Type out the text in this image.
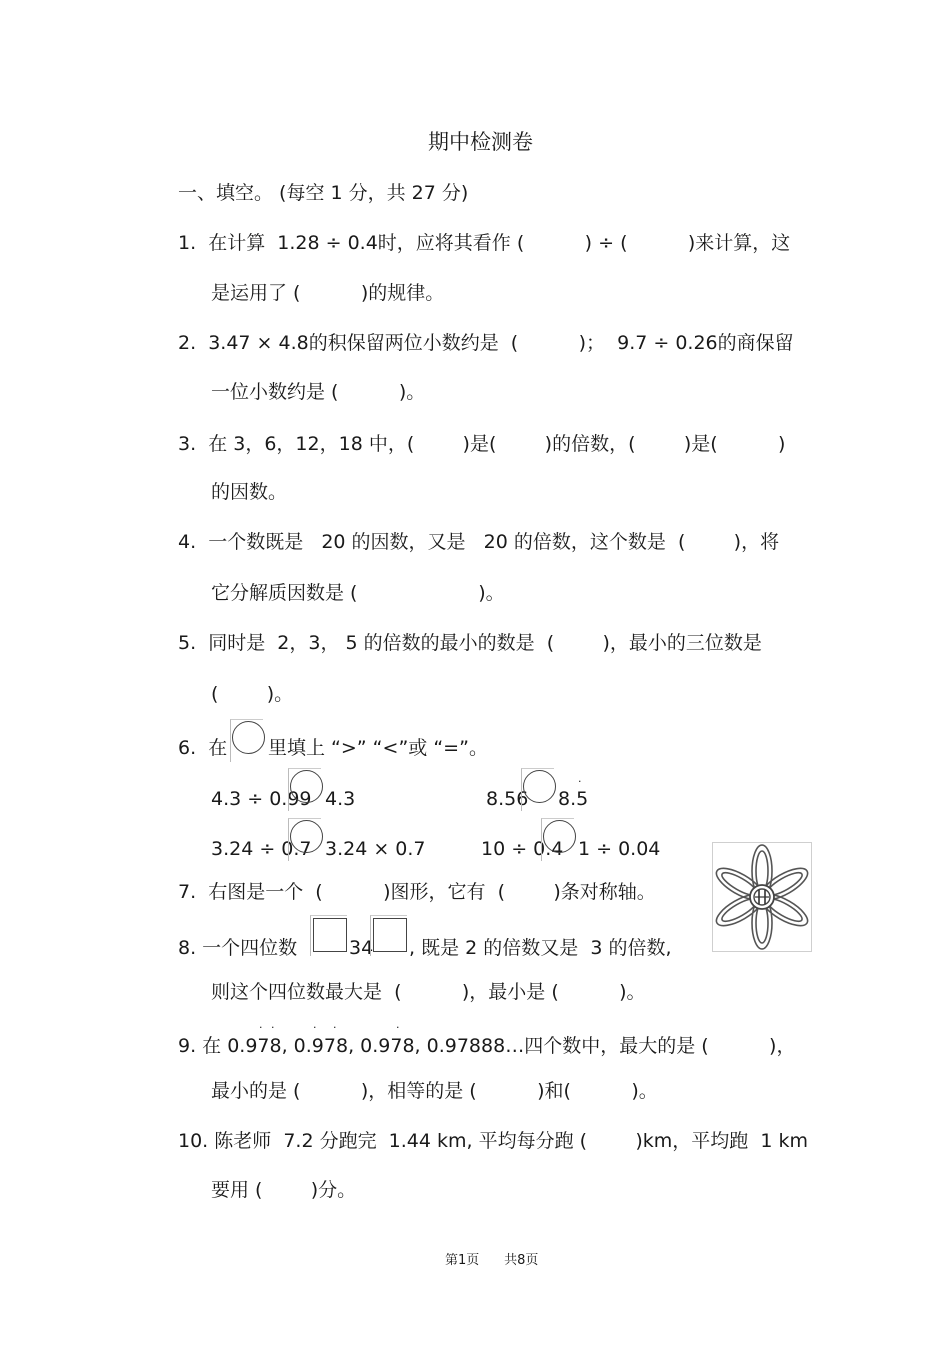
期中检测卷
一、填空。 (每空 1 分，共 27 分)
1.  在计算  1.28 ÷ 0.4时，应将其看作 (          ) ÷ (          )来计算，这
是运用了 (          )的规律。
2.  3.47 × 4.8的积保留两位小数约是  (          )；  9.7 ÷ 0.26的商保留
一位小数约是 (          )。
3.  在 3，6，12，18 中，(        )是(        )的倍数，(        )是(          )
的因数。
4.  一个数既是   20 的因数，又是   20 的倍数，这个数是  (        )，将
它分解质因数是 (                    )。
5.  同时是  2，3， 5 的倍数的最小的数是  (        )，最小的三位数是
(        )。
6.  在 里填上 “>” “<”或 “=”。
4.3 ÷ 0.99 4.3	8.56 8.5
·
3.24 ÷ 0.7 3.24 × 0.7	10 ÷ 0.4 1 ÷ 0.04
7.  右图是一个  (          )图形，它有  (        )条对称轴。
8. 一个四位数	34 , 既是 2 的倍数又是  3 的倍数,
则这个四位数最大是  (          )，最小是 (          )。
· ·	· ·	·
9. 在 0.978, 0.978, 0.978, 0.97888…四个数中，最大的是 (          )，
最小的是 (          )，相等的是 (          )和(          )。
10. 陈老师  7.2 分跑完  1.44 km, 平均每分跑 (        )km，平均跑  1 km
要用 (        )分。
第1页      共8页
